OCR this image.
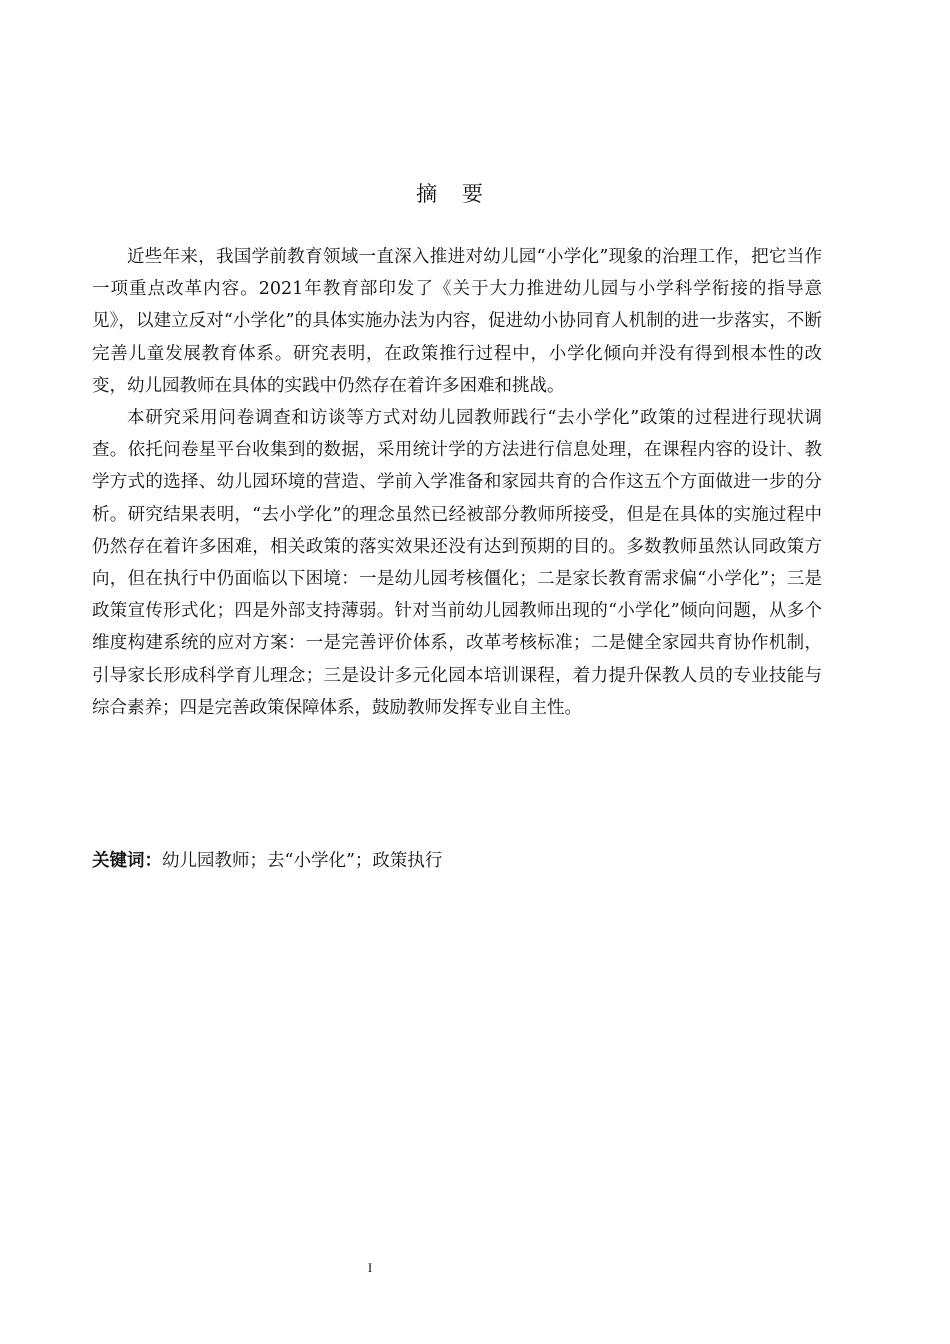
摘 要

近些年来，我国学前教育领域一直深入推进对幼儿园“小学化”现象的治理工作，把它当作一项重点改革内容。2021年教育部印发了《关于大力推进幼儿园与小学科学衔接的指导意见》，以建立反对“小学化”的具体实施办法为内容，促进幼小协同育人机制的进一步落实，不断完善儿童发展教育体系。研究表明，在政策推行过程中，小学化倾向并没有得到根本性的改变，幼儿园教师在具体的实践中仍然存在着许多困难和挑战。

本研究采用问卷调查和访谈等方式对幼儿园教师践行“去小学化”政策的过程进行现状调查。依托问卷星平台收集到的数据，采用统计学的方法进行信息处理，在课程内容的设计、教学方式的选择、幼儿园环境的营造、学前入学准备和家园共育的合作这五个方面做进一步的分析。研究结果表明，“去小学化”的理念虽然已经被部分教师所接受，但是在具体的实施过程中仍然存在着许多困难，相关政策的落实效果还没有达到预期的目的。多数教师虽然认同政策方向，但在执行中仍面临以下困境：一是幼儿园考核僵化；二是家长教育需求偏“小学化”；三是政策宣传形式化；四是外部支持薄弱。针对当前幼儿园教师出现的“小学化”倾向问题，从多个维度构建系统的应对方案：一是完善评价体系，改革考核标准；二是健全家园共育协作机制，引导家长形成科学育儿理念；三是设计多元化园本培训课程，着力提升保教人员的专业技能与综合素养；四是完善政策保障体系，鼓励教师发挥专业自主性。

关键词：幼儿园教师；去“小学化”；政策执行

I
